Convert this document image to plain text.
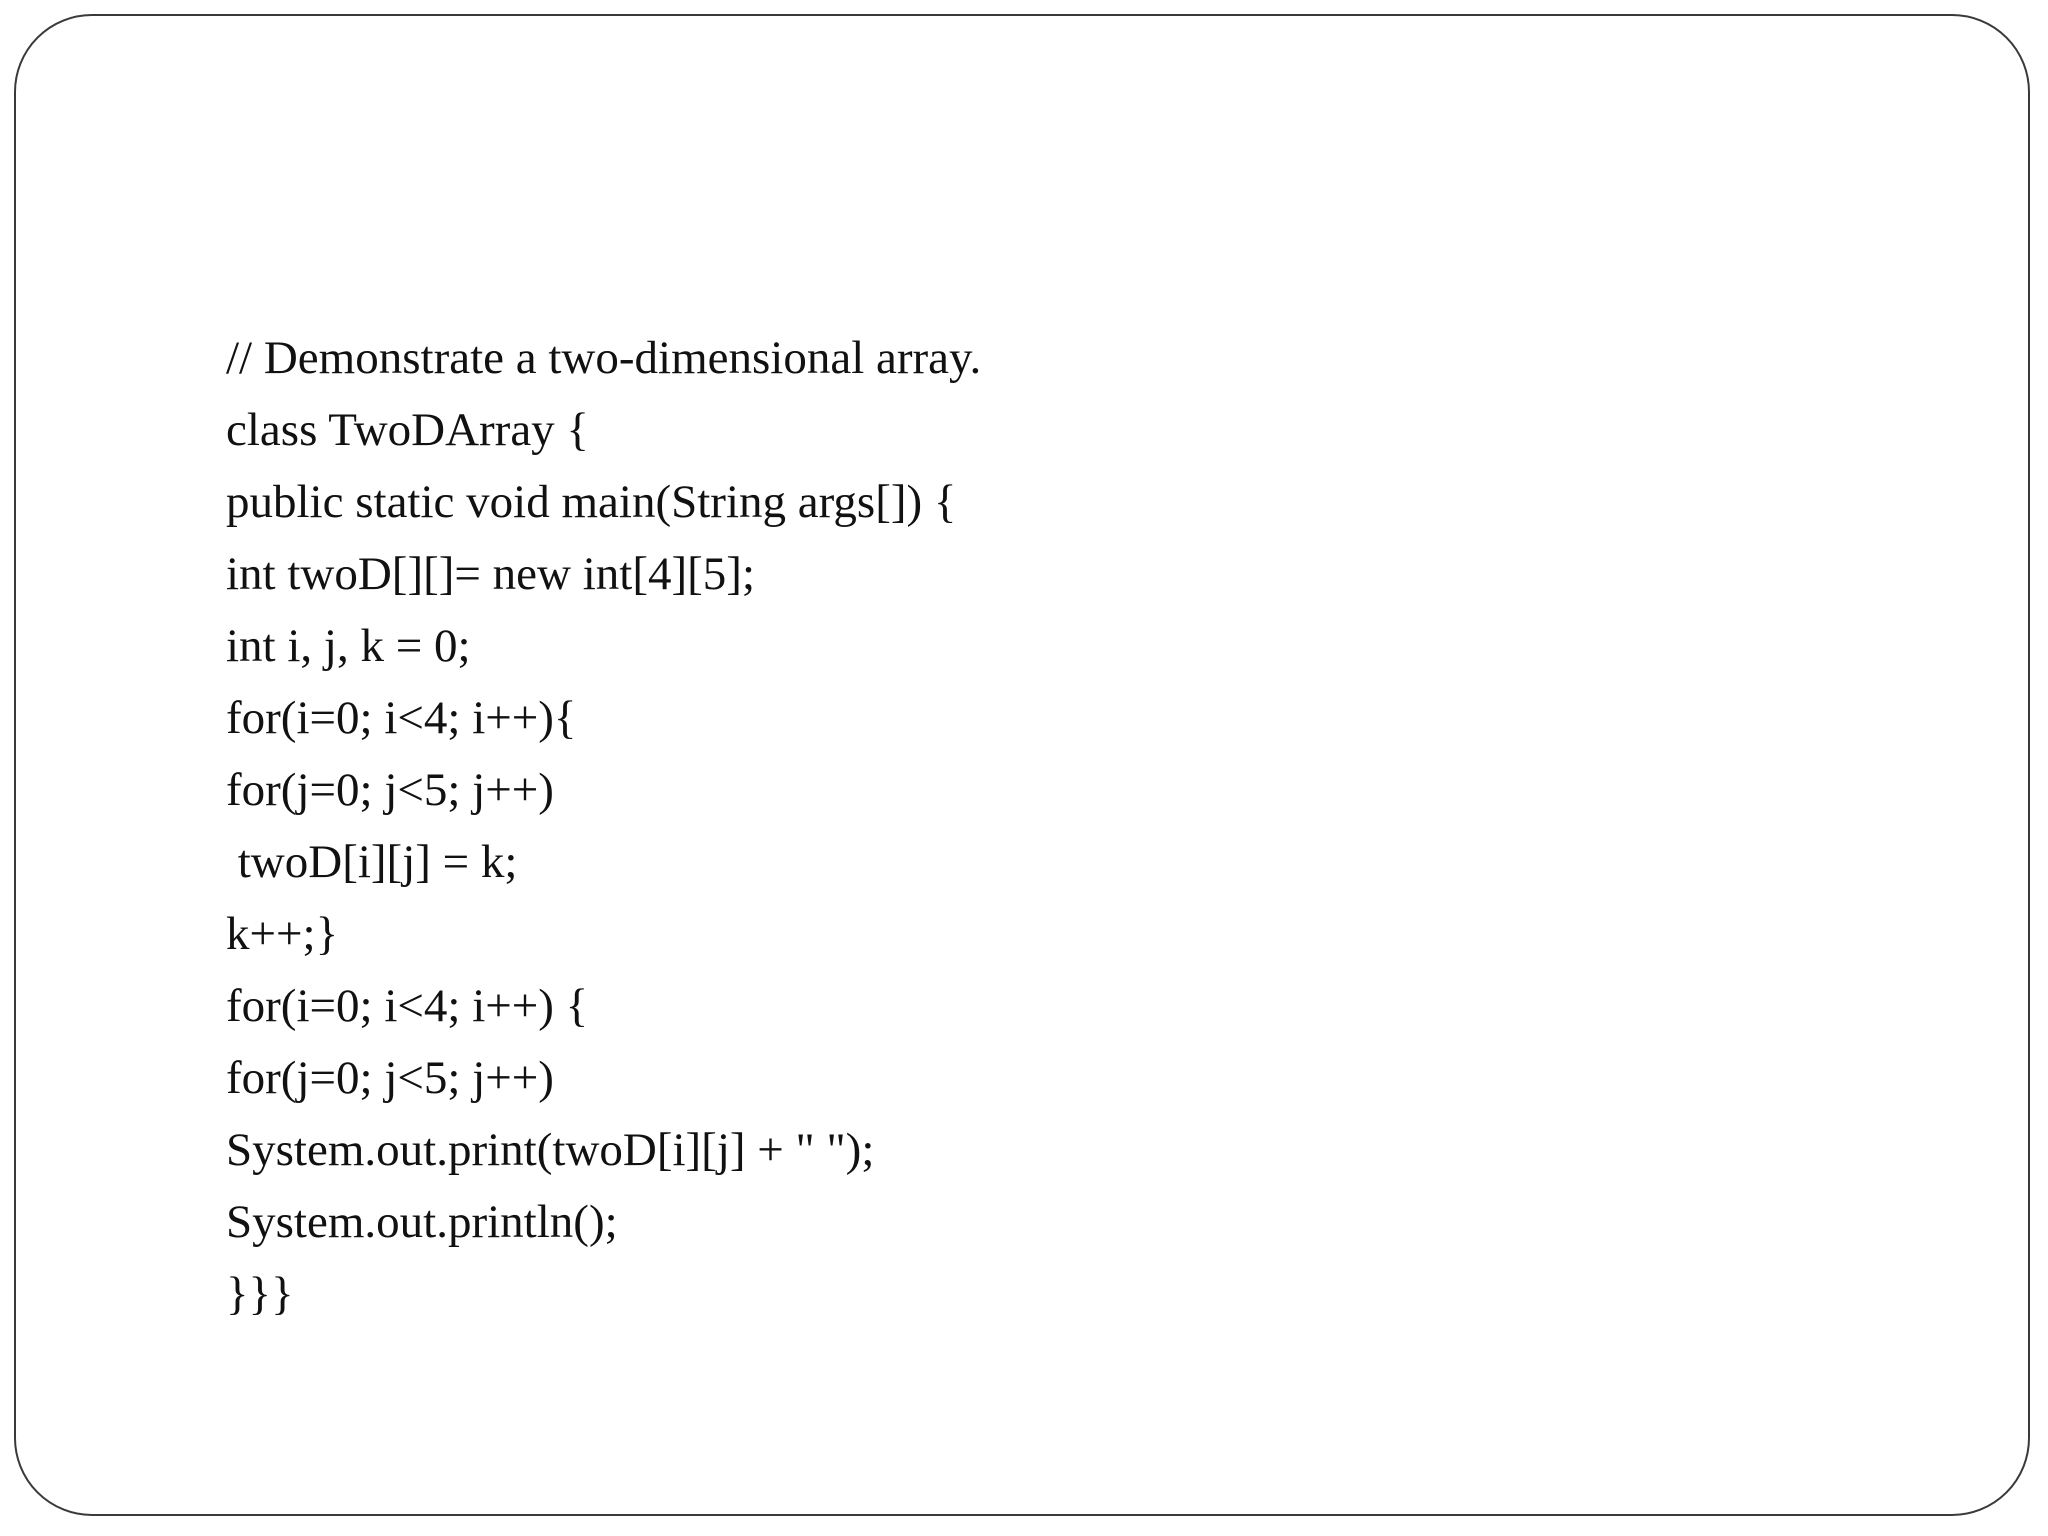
// Demonstrate a two-dimensional array.
class TwoDArray {
public static void main(String args[]) {
int twoD[][]= new int[4][5];
int i, j, k = 0;
for(i=0; i<4; i++){
for(j=0; j<5; j++)
twoD[i][j] = k;
k++;}
for(i=0; i<4; i++) {
for(j=0; j<5; j++)
System.out.print(twoD[i][j] + " ");
System.out.println();
}}}
